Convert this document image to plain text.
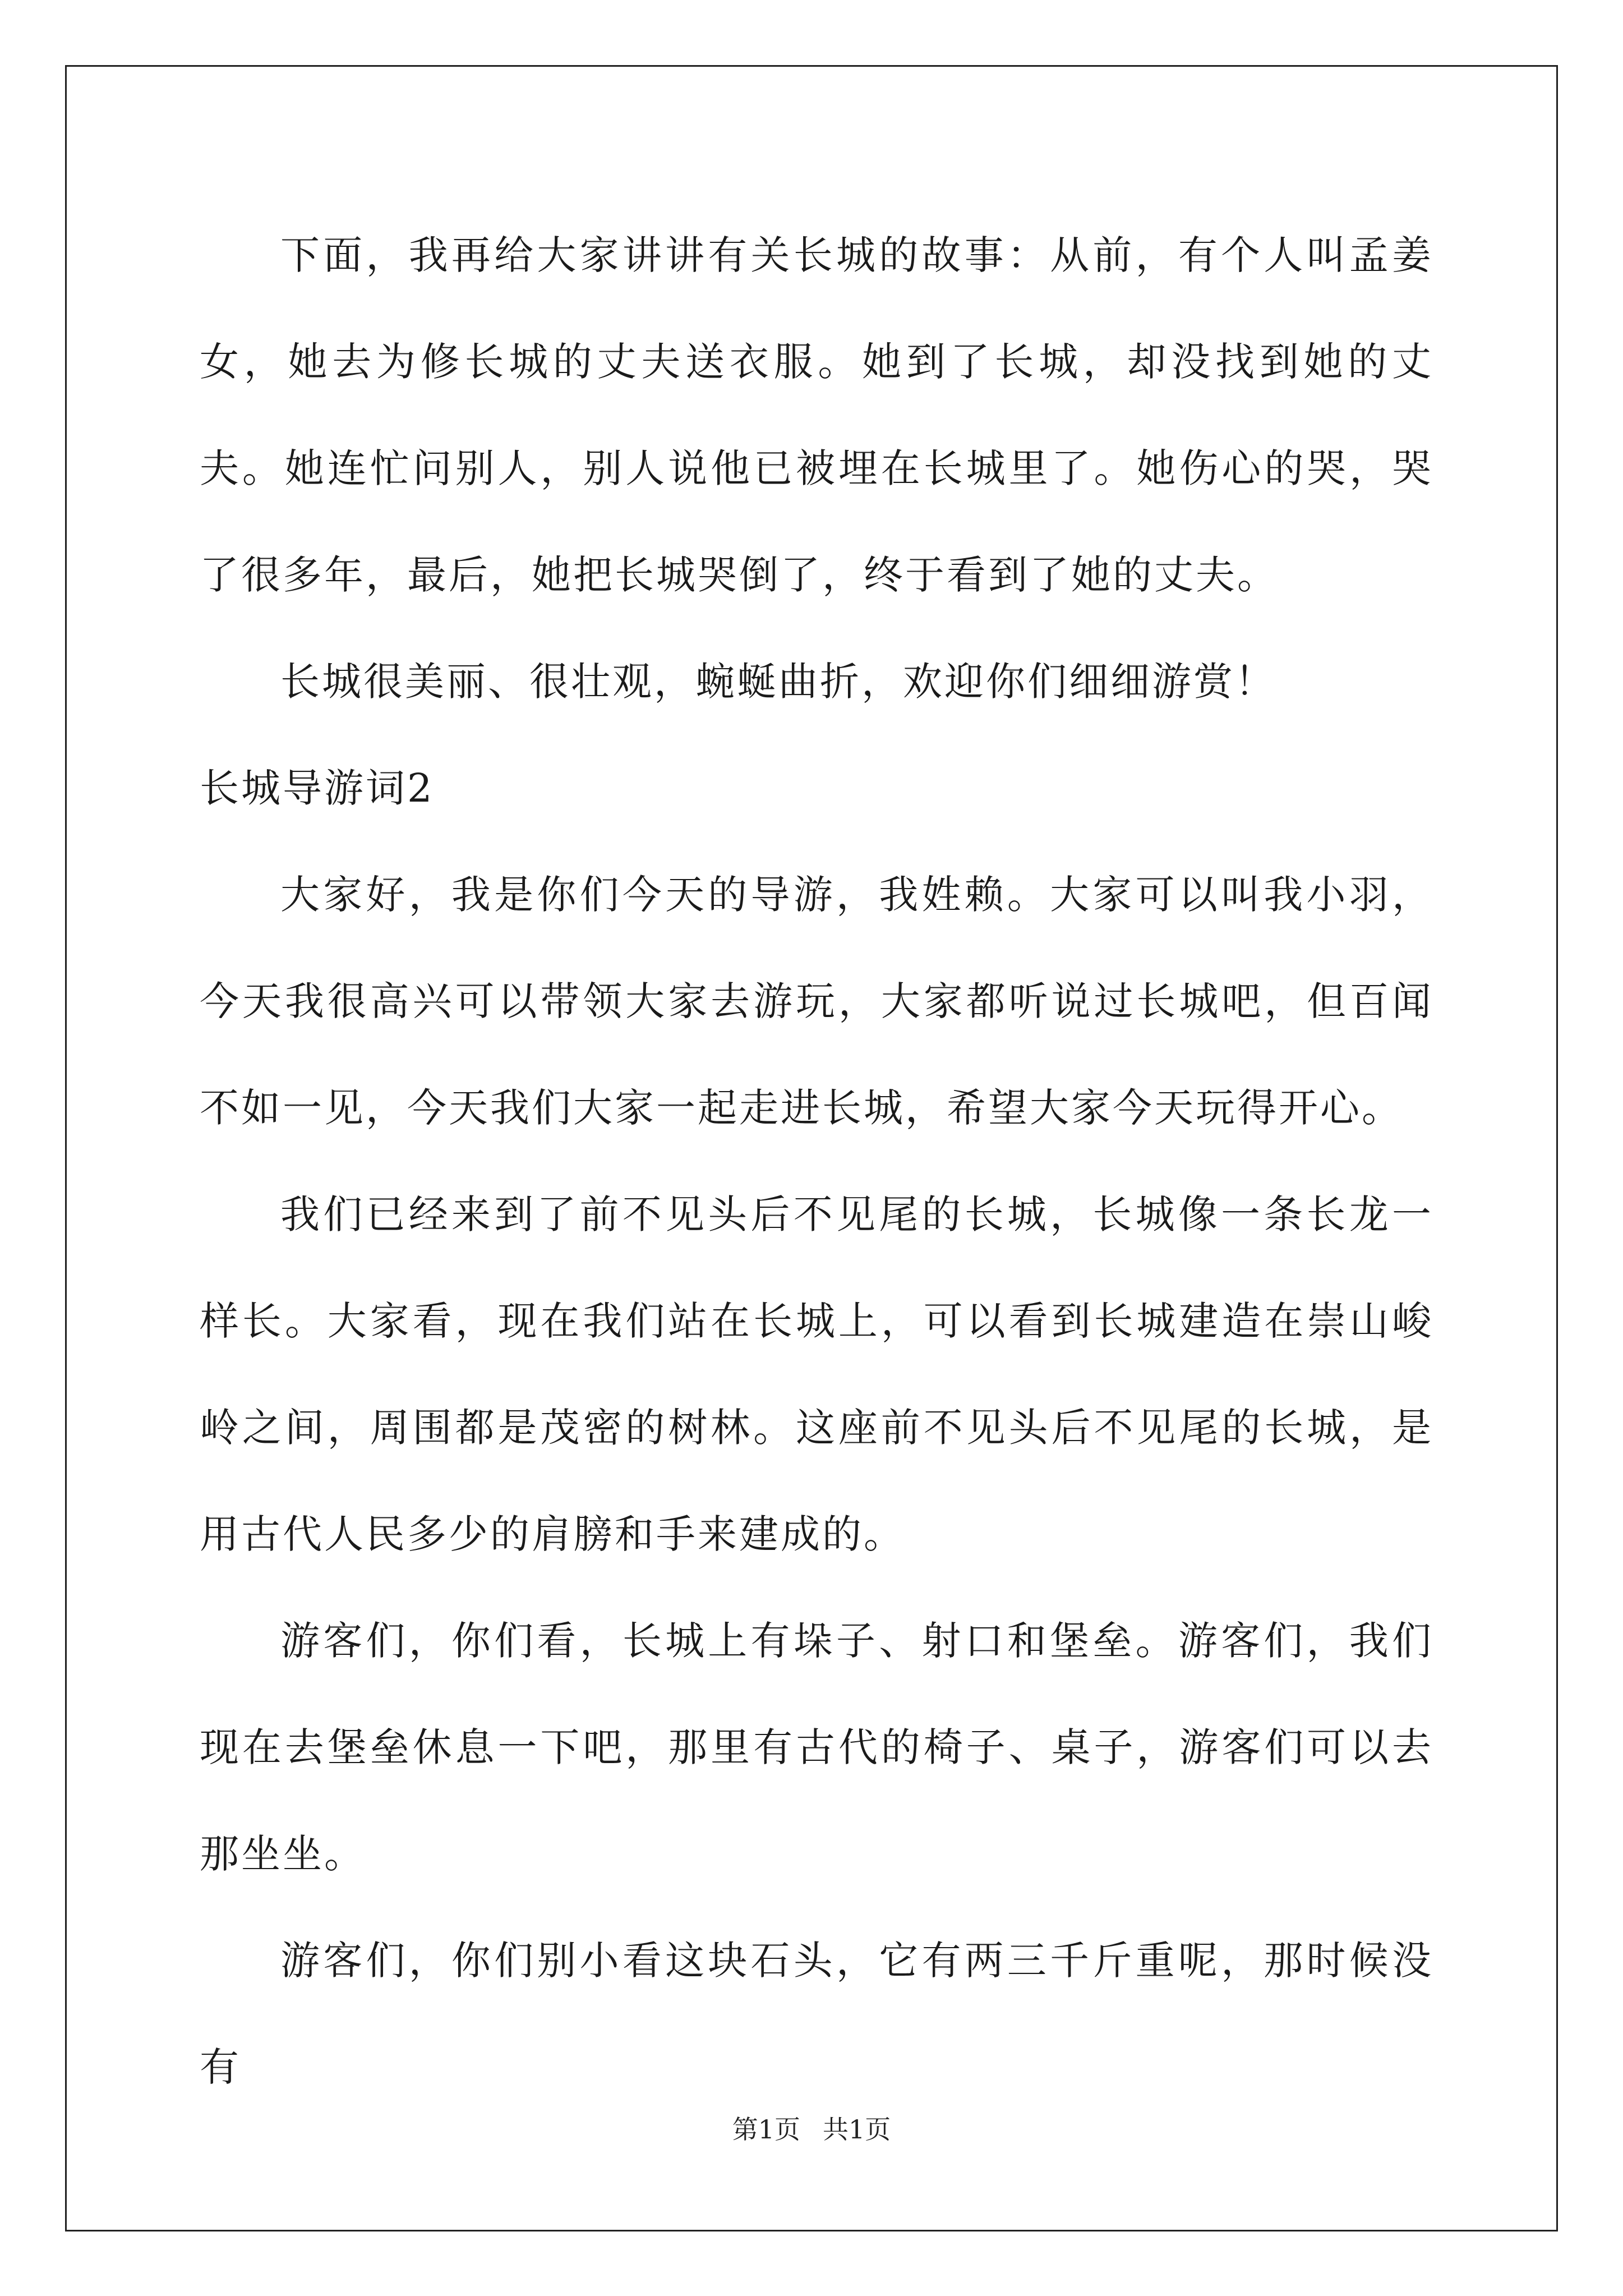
下面，我再给大家讲讲有关长城的故事：从前，有个人叫孟姜女，她去为修长城的丈夫送衣服。她到了长城，却没找到她的丈夫。她连忙问别人，别人说他已被埋在长城里了。她伤心的哭，哭了很多年，最后，她把长城哭倒了，终于看到了她的丈夫。

长城很美丽、很壮观，蜿蜒曲折，欢迎你们细细游赏！

长城导游词2

大家好，我是你们今天的导游，我姓赖。大家可以叫我小羽，今天我很高兴可以带领大家去游玩，大家都听说过长城吧，但百闻不如一见，今天我们大家一起走进长城，希望大家今天玩得开心。

我们已经来到了前不见头后不见尾的长城，长城像一条长龙一样长。大家看，现在我们站在长城上，可以看到长城建造在崇山峻岭之间，周围都是茂密的树林。这座前不见头后不见尾的长城，是用古代人民多少的肩膀和手来建成的。

游客们，你们看，长城上有垛子、射口和堡垒。游客们，我们现在去堡垒休息一下吧，那里有古代的椅子、桌子，游客们可以去那坐坐。

游客们，你们别小看这块石头，它有两三千斤重呢，那时候没有

第1页 共1页
